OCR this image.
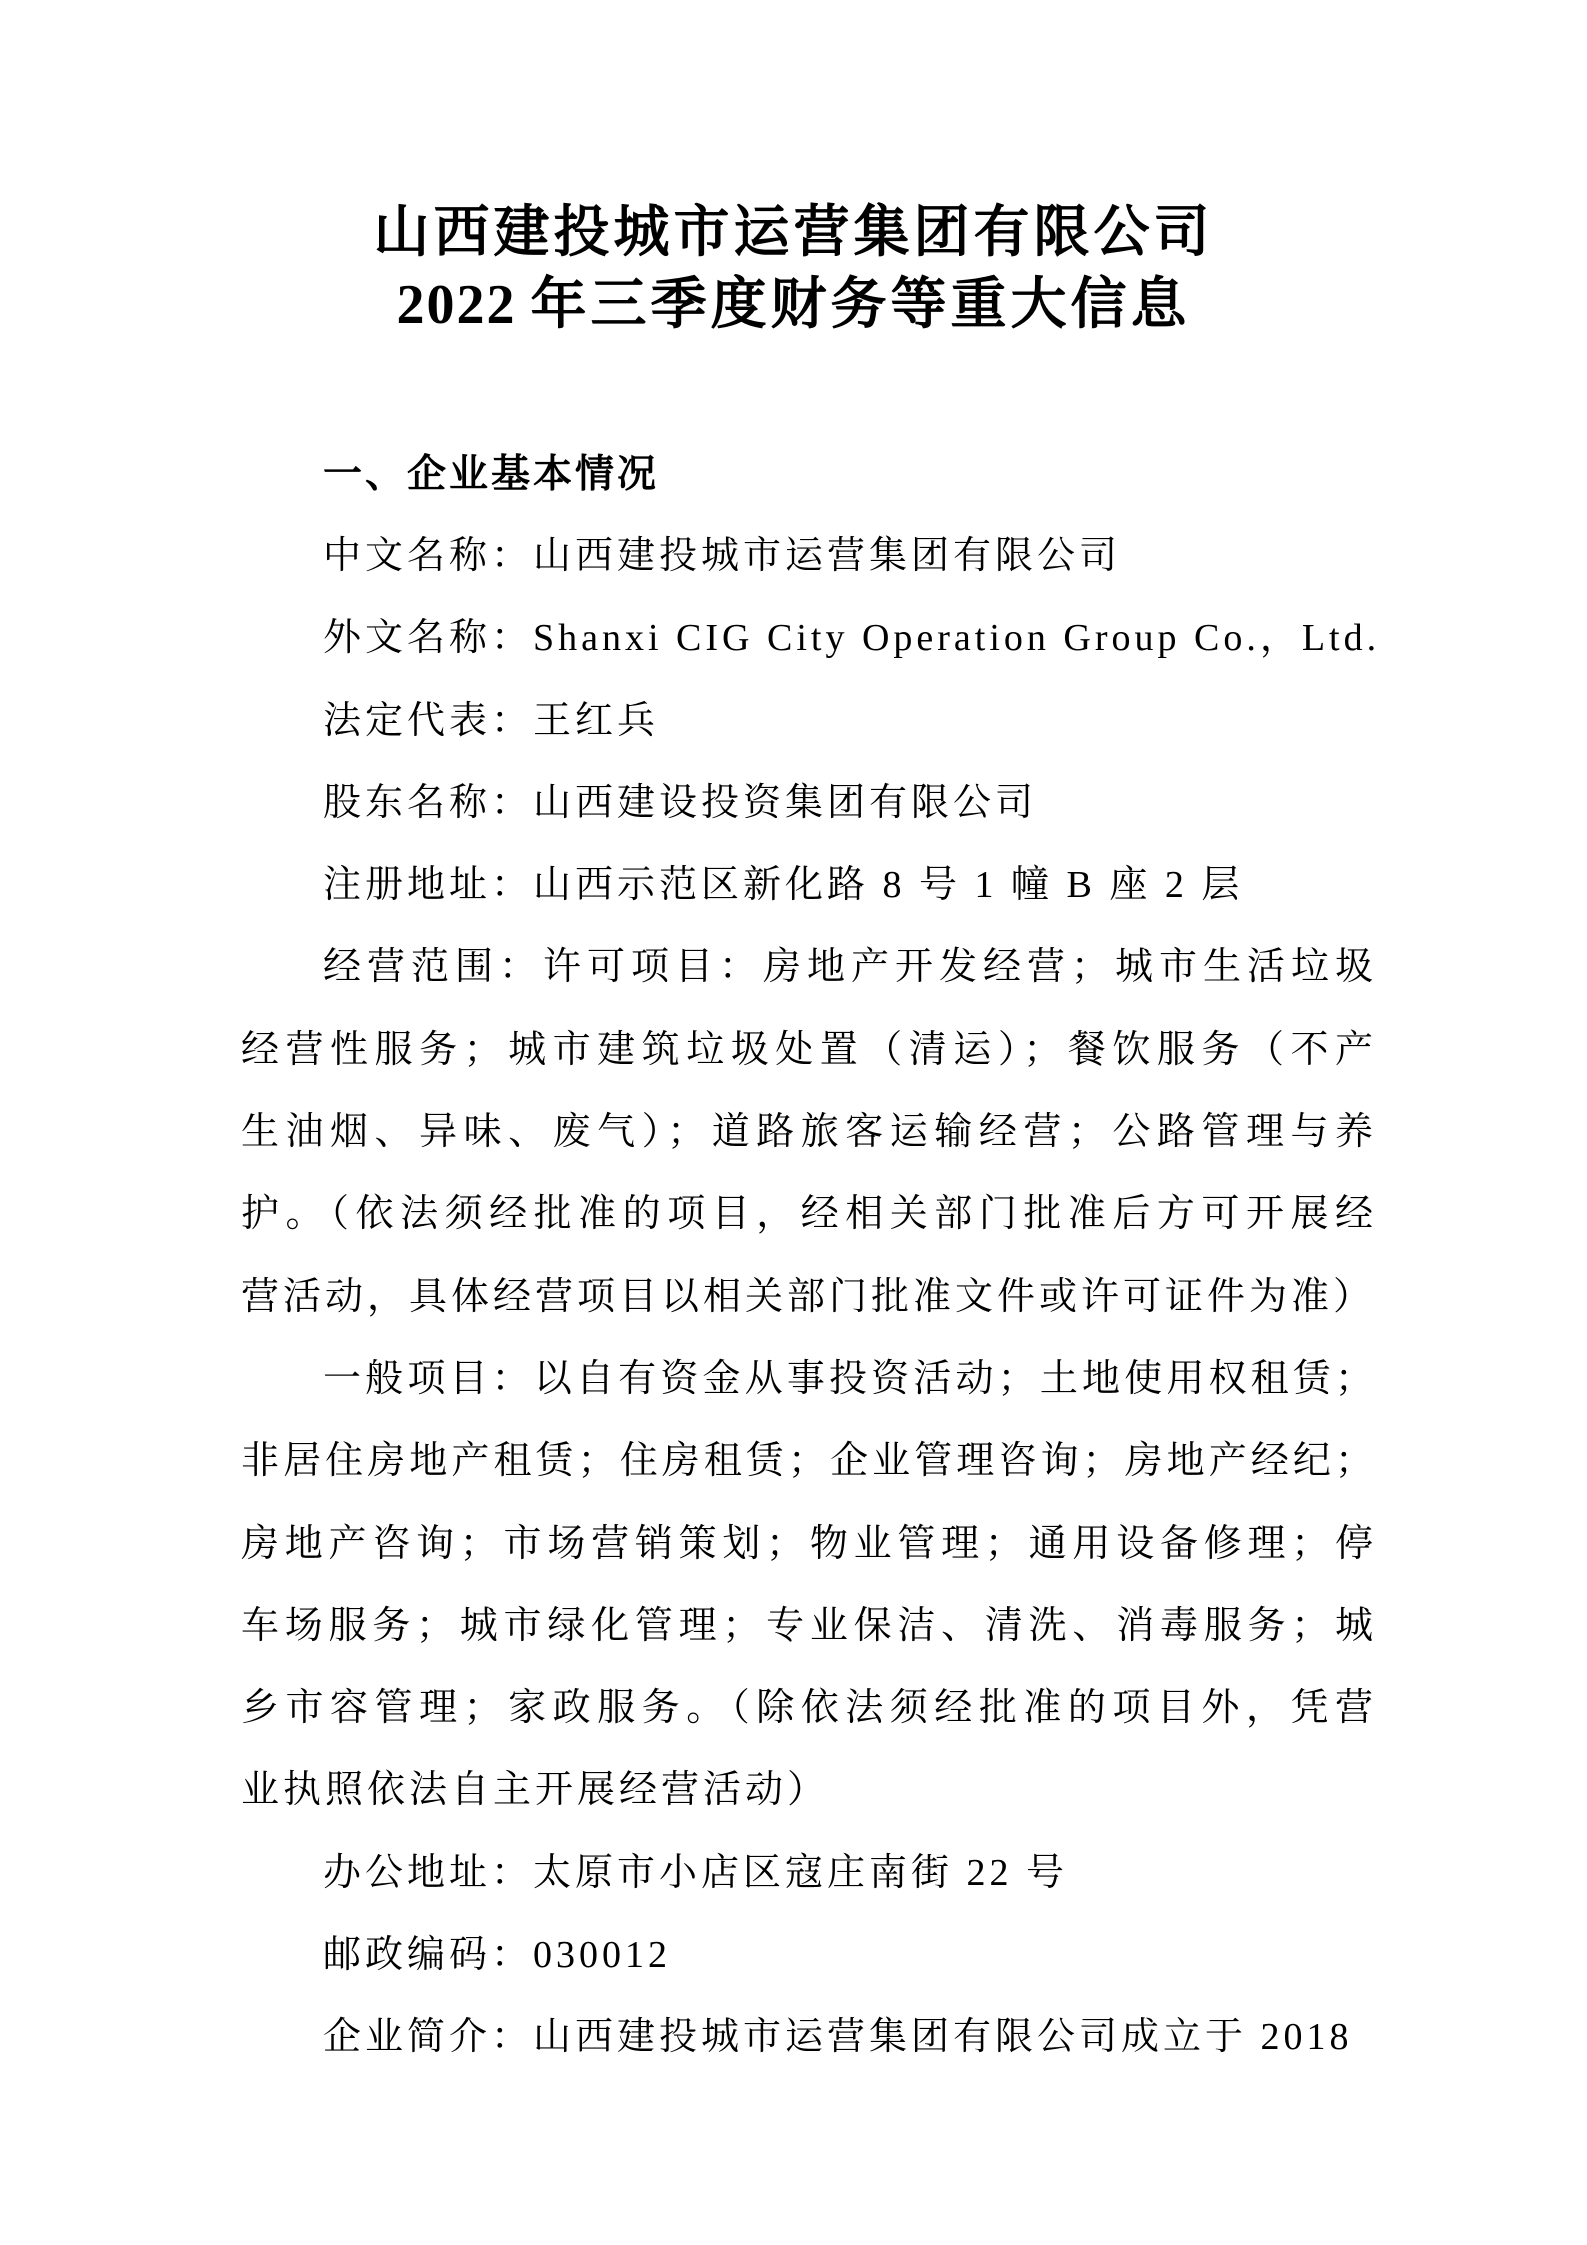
山西建投城市运营集团有限公司
2022 年三季度财务等重大信息
一、企业基本情况
中文名称：山西建投城市运营集团有限公司
外文名称：Shanxi CIG City Operation Group Co.，Ltd.
法定代表：王红兵
股东名称：山西建设投资集团有限公司
注册地址：山西示范区新化路 8 号 1 幢 B 座 2 层
经营范围：许可项目：房地产开发经营；城市生活垃圾
经营性服务；城市建筑垃圾处置（清运）；餐饮服务（不产
生油烟、异味、废气）；道路旅客运输经营；公路管理与养
护。（依法须经批准的项目，经相关部门批准后方可开展经
营活动，具体经营项目以相关部门批准文件或许可证件为准）
一般项目：以自有资金从事投资活动；土地使用权租赁；
非居住房地产租赁；住房租赁；企业管理咨询；房地产经纪；
房地产咨询；市场营销策划；物业管理；通用设备修理；停
车场服务；城市绿化管理；专业保洁、清洗、消毒服务；城
乡市容管理；家政服务。（除依法须经批准的项目外，凭营
业执照依法自主开展经营活动）
办公地址：太原市小店区寇庄南街 22 号
邮政编码：030012
企业简介：山西建投城市运营集团有限公司成立于 2018
